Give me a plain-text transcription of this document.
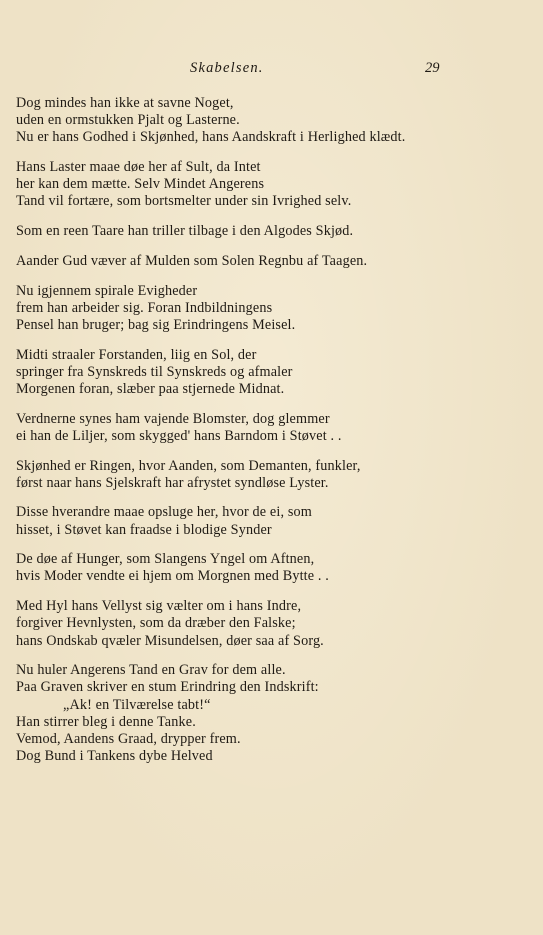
Skabelsen.	29
Dog mindes han ikke at savne Noget,
uden en ormstukken Pjalt og Lasterne.
Nu er hans Godhed i Skjønhed, hans Aandskraft i Herlighed klædt.
Hans Laster maae døe her af Sult, da Intet
her kan dem mætte. Selv Mindet Angerens
Tand vil fortære, som bortsmelter under sin Ivrighed selv.
Som en reen Taare han triller tilbage i den Algodes Skjød.
Aander Gud væver af Mulden som Solen Regnbu af Taagen.
Nu igjennem spirale Evigheder
frem han arbeider sig. Foran Indbildningens
Pensel han bruger; bag sig Erindringens Meisel.
Midti straaler Forstanden, liig en Sol, der
springer fra Synskreds til Synskreds og afmaler
Morgenen foran, slæber paa stjernede Midnat.
Verdnerne synes ham vajende Blomster, dog glemmer
ei han de Liljer, som skygged' hans Barndom i Støvet . .
Skjønhed er Ringen, hvor Aanden, som Demanten, funkler,
først naar hans Sjelskraft har afrystet syndløse Lyster.
Disse hverandre maae opsluge her, hvor de ei, som
hisset, i Støvet kan fraadse i blodige Synder
De døe af Hunger, som Slangens Yngel om Aftnen,
hvis Moder vendte ei hjem om Morgnen med Bytte . .
Med Hyl hans Vellyst sig vælter om i hans Indre,
forgiver Hevnlysten, som da dræber den Falske;
hans Ondskab qvæler Misundelsen, døer saa af Sorg.
Nu huler Angerens Tand en Grav for dem alle.
Paa Graven skriver en stum Erindring den Indskrift:
„Ak! en Tilværelse tabt!“
Han stirrer bleg i denne Tanke.
Vemod, Aandens Graad, drypper frem.
Dog Bund i Tankens dybe Helved
